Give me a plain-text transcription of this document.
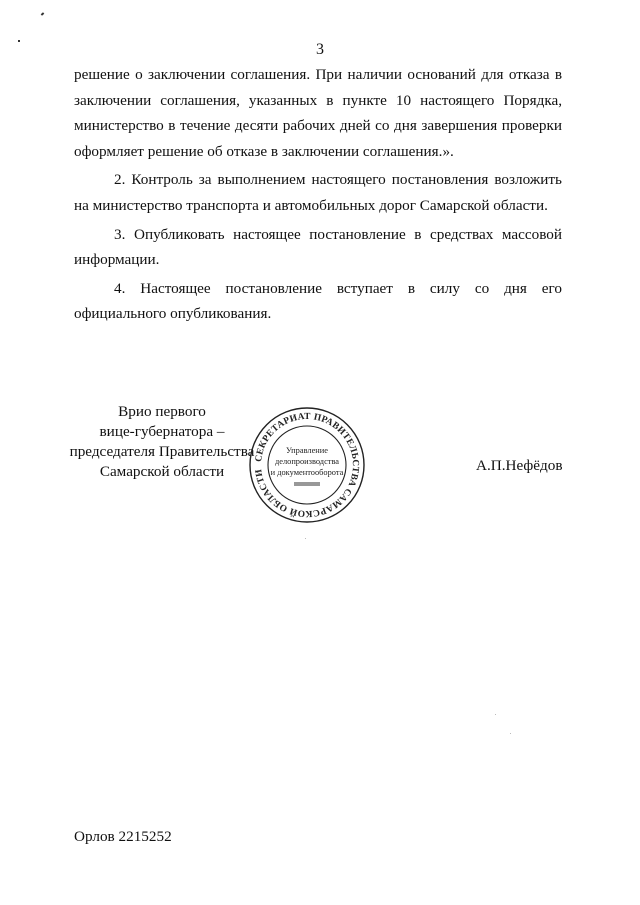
3

решение о заключении соглашения. При наличии оснований для отказа в заключении соглашения, указанных в пункте 10 настоящего Порядка, министерство в течение десяти рабочих дней со дня завершения проверки оформляет решение об отказе в заключении соглашения.».

2. Контроль за выполнением настоящего постановления возложить на министерство транспорта и автомобильных дорог Самарской области.

3. Опубликовать настоящее постановление в средствах массовой информации.

4. Настоящее постановление вступает в силу со дня его официального опубликования.

Врио первого
вице-губернатора –
председателя Правительства
Самарской области
СЕКРЕТАРИАТ ПРАВИТЕЛЬСТВА САМАРСКОЙ ОБЛАСТИ
Управление
делопроизводства
и документооборота	А.П.Нефёдов
Орлов 2215252
